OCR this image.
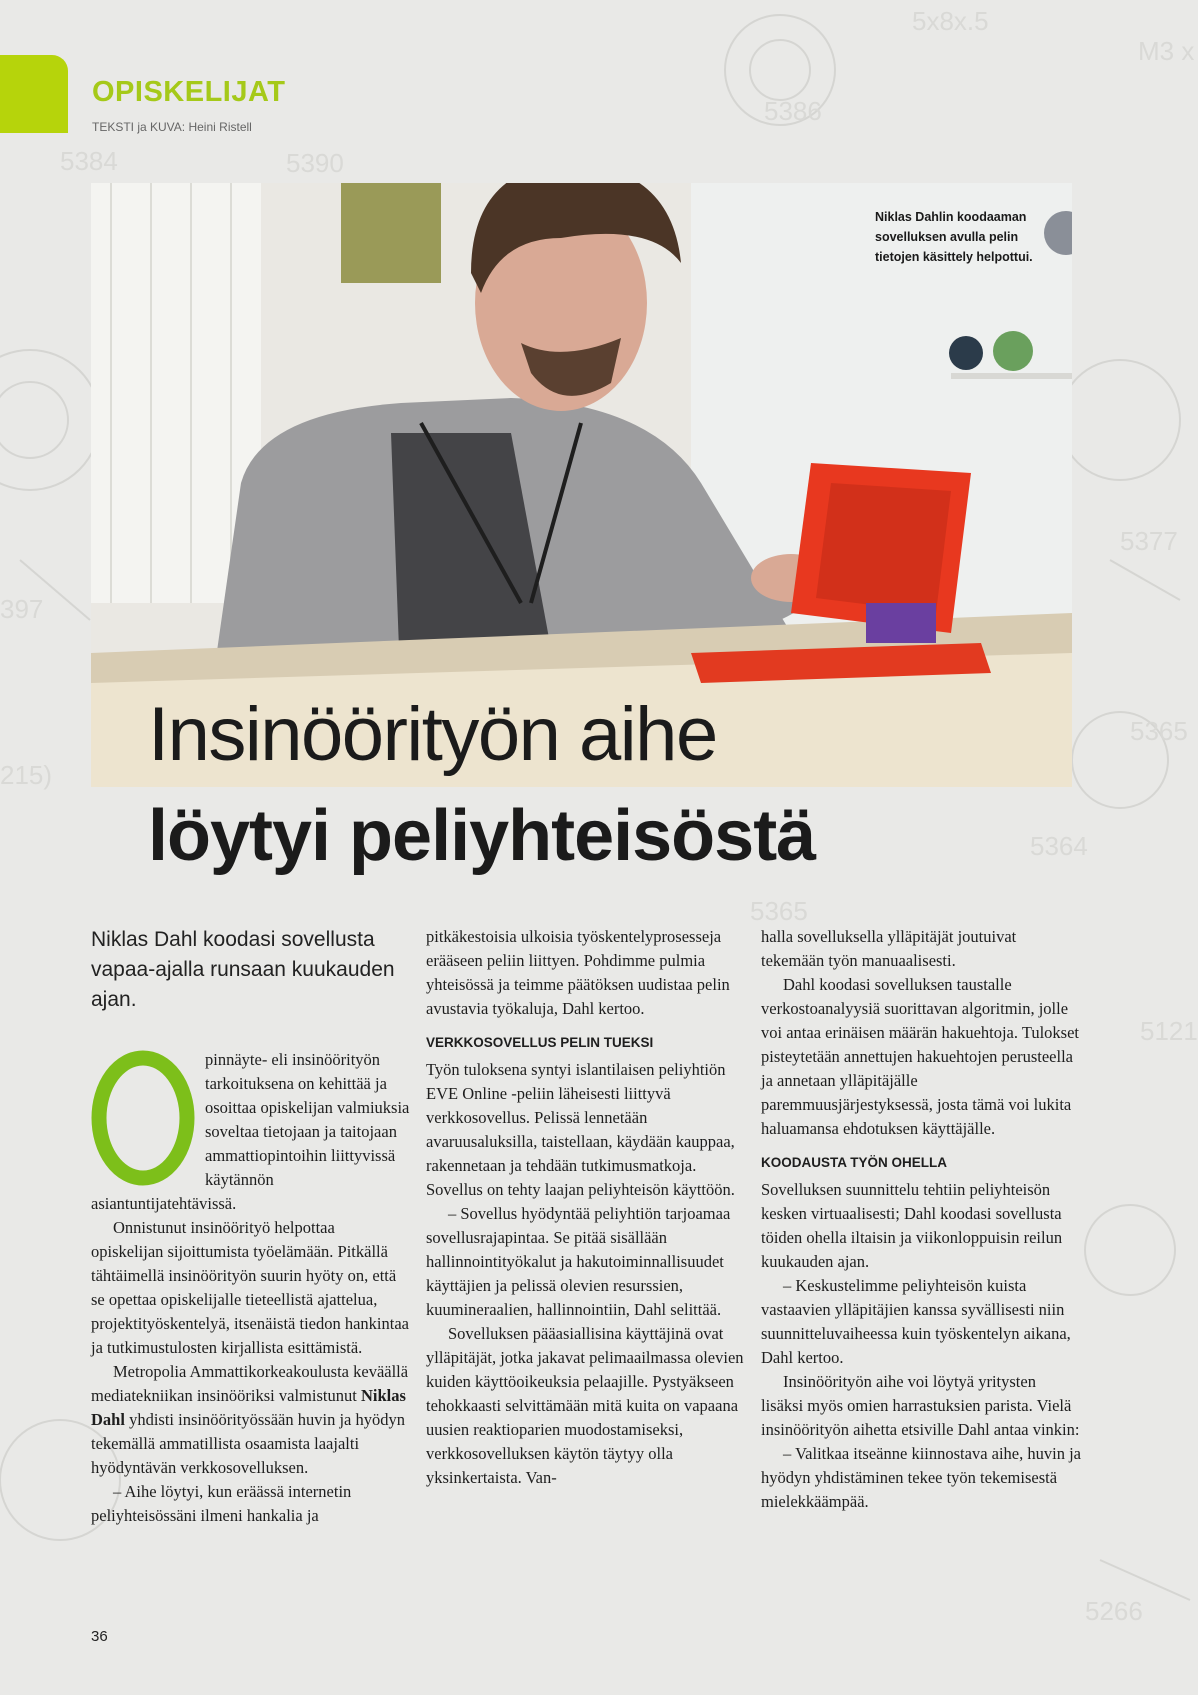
5x8x.5
M3 x
5384	5390
5386
5377
397
215)
5365
5364
5365
5121
5266
OPISKELIJAT
TEKSTI ja KUVA: Heini Ristell
Niklas Dahlin koodaaman sovelluksen avulla pelin tietojen käsittely helpottui.
Insinöörityön aihe
löytyi peliyhteisöstä

Niklas Dahl koodasi sovellusta vapaa-ajalla runsaan kuukauden ajan.

pinnäyte- eli insinöörityön tarkoituksena on kehittää ja osoittaa opiskelijan valmiuksia soveltaa tietojaan ja taitojaan ammattiopintoihin liittyvissä käytännön asiantuntijatehtävissä.

Onnistunut insinöörityö helpottaa opiskelijan sijoittumista työelämään. Pitkällä tähtäimellä insinöörityön suurin hyöty on, että se opettaa opiskelijalle tieteellistä ajattelua, projektityöskentelyä, itsenäistä tiedon hankintaa ja tutkimustulosten kirjallista esittämistä.

Metropolia Ammattikorkeakoulusta keväällä mediatekniikan insinööriksi valmistunut Niklas Dahl yhdisti insinöörityössään huvin ja hyödyn tekemällä ammatillista osaamista laajalti hyödyntävän verkkosovelluksen.

– Aihe löytyi, kun eräässä internetin peliyhteisössäni ilmeni hankalia ja

pitkäkestoisia ulkoisia työskentelyprosesseja erääseen peliin liittyen. Pohdimme pulmia yhteisössä ja teimme päätöksen uudistaa pelin avustavia työkaluja, Dahl kertoo.

VERKKOSOVELLUS PELIN TUEKSI

Työn tuloksena syntyi islantilaisen peliyhtiön EVE Online -peliin läheisesti liittyvä verkkosovellus. Pelissä lennetään avaruusaluksilla, taistellaan, käydään kauppaa, rakennetaan ja tehdään tutkimusmatkoja. Sovellus on tehty laajan peliyhteisön käyttöön.

– Sovellus hyödyntää peliyhtiön tarjoamaa sovellusrajapintaa. Se pitää sisällään hallinnointityökalut ja hakutoiminnallisuudet käyttäjien ja pelissä olevien resurssien, kuumineraalien, hallinnointiin, Dahl selittää.

Sovelluksen pääasiallisina käyttäjinä ovat ylläpitäjät, jotka jakavat pelimaailmassa olevien kuiden käyttöoikeuksia pelaajille. Pystyäkseen tehokkaasti selvittämään mitä kuita on vapaana uusien reaktioparien muodostamiseksi, verkkosovelluksen käytön täytyy olla yksinkertaista. Van-

halla sovelluksella ylläpitäjät joutuivat tekemään työn manuaalisesti.

Dahl koodasi sovelluksen taustalle verkostoanalyysiä suorittavan algoritmin, jolle voi antaa erinäisen määrän hakuehtoja. Tulokset pisteytetään annettujen hakuehtojen perusteella ja annetaan ylläpitäjälle paremmuusjärjestyksessä, josta tämä voi lukita haluamansa ehdotuksen käyttäjälle.

KOODAUSTA TYÖN OHELLA

Sovelluksen suunnittelu tehtiin peliyhteisön kesken virtuaalisesti; Dahl koodasi sovellusta töiden ohella iltaisin ja viikonloppuisin reilun kuukauden ajan.

– Keskustelimme peliyhteisön kuista vastaavien ylläpitäjien kanssa syvällisesti niin suunnitteluvaiheessa kuin työskentelyn aikana, Dahl kertoo.

Insinöörityön aihe voi löytyä yritysten lisäksi myös omien harrastuksien parista. Vielä insinöörityön aihetta etsiville Dahl antaa vinkin:

– Valitkaa itseänne kiinnostava aihe, huvin ja hyödyn yhdistäminen tekee työn tekemisestä mielekkäämpää.

36
